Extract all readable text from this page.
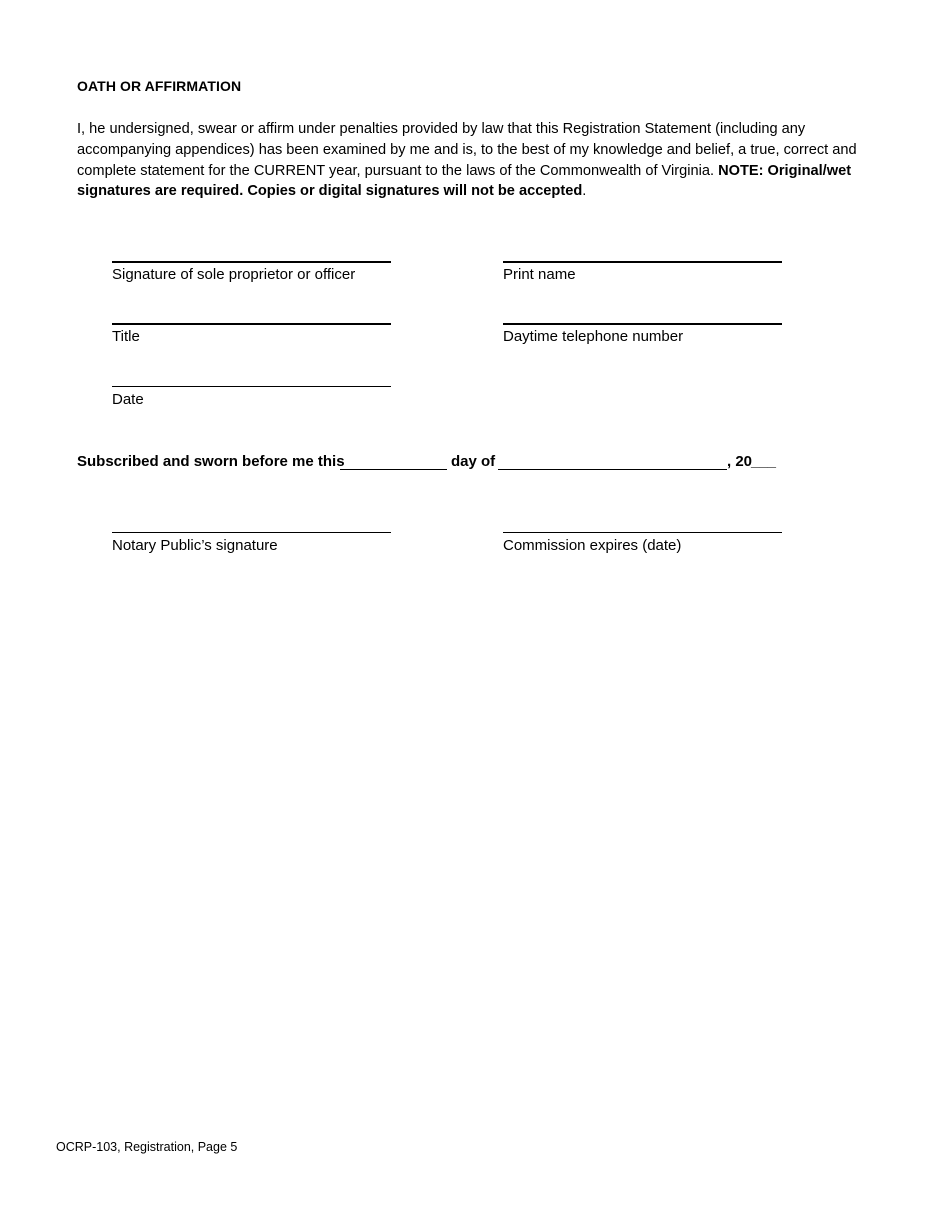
OATH OR AFFIRMATION
I, he undersigned, swear or affirm under penalties provided by law that this Registration Statement (including any accompanying appendices) has been examined by me and is, to the best of my knowledge and belief, a true, correct and complete statement for the CURRENT year, pursuant to the laws of the Commonwealth of Virginia. NOTE: Original/wet signatures are required. Copies or digital signatures will not be accepted.
Signature of sole proprietor or officer	Print name
Title	Daytime telephone number
Date
Subscribed and sworn before me this	day of	, 20
___
Notary Public’s signature	Commission expires (date)
OCRP-103, Registration, Page 5
